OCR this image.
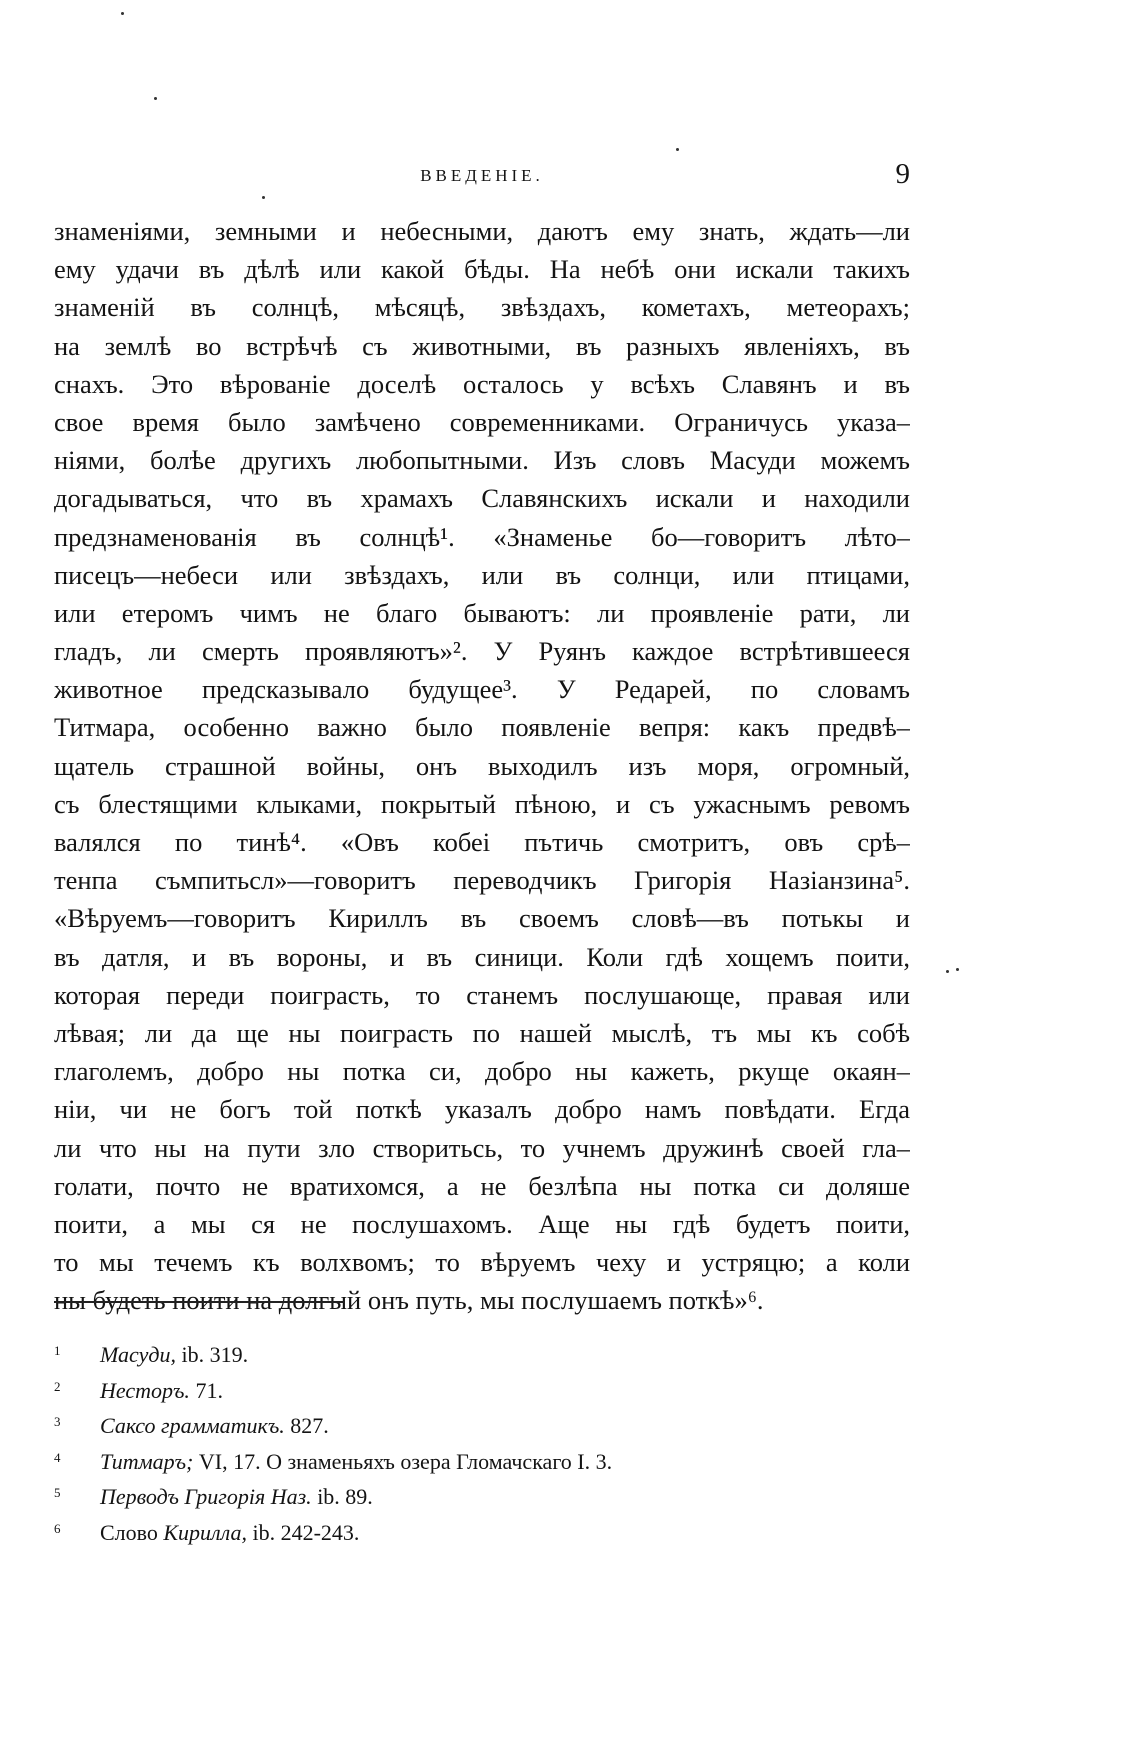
ВВЕДЕНІЕ.	9
знаменіями, земными и небесными, даютъ ему знать, ждать—ли
ему удачи въ дѣлѣ или какой бѣды. На небѣ они искали такихъ
знаменій въ солнцѣ, мѣсяцѣ, звѣздахъ, кометахъ, метеорахъ;
на землѣ во встрѣчѣ съ животными, въ разныхъ явленіяхъ, въ
снахъ. Это вѣрованіе доселѣ осталось у всѣхъ Славянъ и въ
свое время было замѣчено современниками. Ограничусь указа–
ніями, болѣе другихъ любопытными. Изъ словъ Масуди можемъ
догадываться, что въ храмахъ Славянскихъ искали и находили
предзнаменованія въ солнцѣ¹. «Знаменье бо—говоритъ лѣто–
писецъ—небеси или звѣздахъ, или въ солнци, или птицами,
или етеромъ чимъ не благо бываютъ: ли проявленіе рати, ли
гладъ, ли смерть проявляютъ»². У Руянъ каждое встрѣтившееся
животное предсказывало будущее³. У Редарей, по словамъ
Титмара, особенно важно было появленіе вепря: какъ предвѣ–
щатель страшной войны, онъ выходилъ изъ моря, огромный,
съ блестящими клыками, покрытый пѣною, и съ ужаснымъ ревомъ
валялся по тинѣ⁴. «Овъ кобеі пътичь смотритъ, овъ срѣ–
тенпа съмпитьсл»—говоритъ переводчикъ Григорія Назіанзина⁵.
«Вѣруемъ—говоритъ Кириллъ въ своемъ словѣ—въ потькы и
въ датля, и въ вороны, и въ синици. Коли гдѣ хощемъ поити,
которая переди поиграсть, то станемъ послушающе, правая или
лѣвая; ли да ще ны поиграсть по нашей мыслѣ, тъ мы къ собѣ
глаголемъ, добро ны потка си, добро ны кажеть, ркуще окаян–
ніи, чи не богъ той поткѣ указалъ добро намъ повѣдати. Егда
ли что ны на пути зло створитьсь, то учнемъ дружинѣ своей гла–
голати, почто не вратихомся, а не безлѣпа ны потка си доляше
поити, а мы ся не послушахомъ. Аще ны гдѣ будетъ поити,
то мы течемъ къ волхвомъ; то вѣруемъ чеху и устряцю; а коли
ны будеть поити на долгый онъ путь, мы послушаемъ поткѣ»⁶.
1 Масуди, ib. 319.
2 Несторъ. 71.
3 Саксо грамматикъ. 827.
4 Титмаръ; VI, 17. О знаменьяхъ озера Гломачскаго I. 3.
5 Перводъ Григорія Наз. ib. 89.
6 Слово Кирилла, ib. 242-243.
